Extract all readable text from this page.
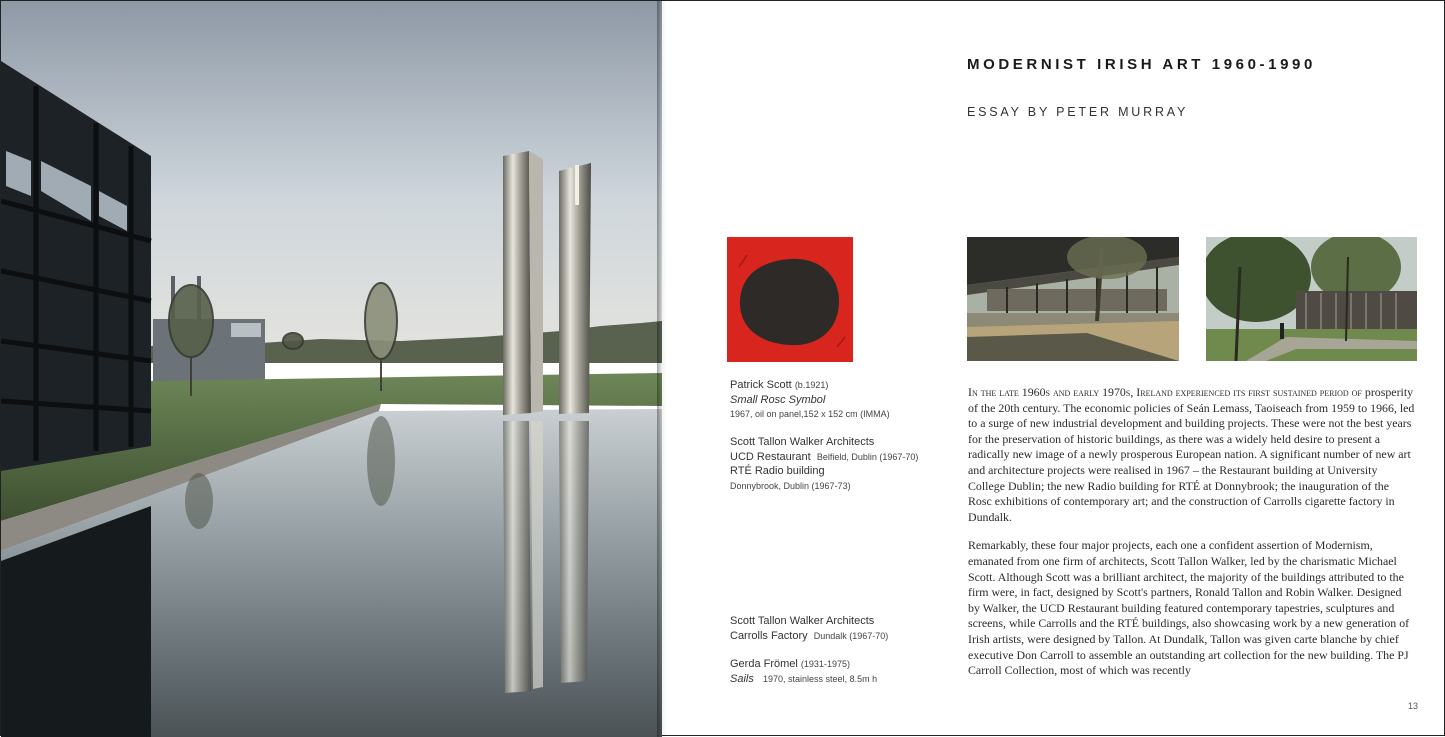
MODERNIST IRISH ART 1960-1990
ESSAY BY PETER MURRAY
Patrick Scott (b.1921)
Small Rosc Symbol
1967, oil on panel,152 x 152 cm (IMMA)
Scott Tallon Walker Architects
UCD Restaurant Belfield, Dublin (1967-70)
RTÉ Radio building
Donnybrook, Dublin (1967-73)
Scott Tallon Walker Architects
Carrolls Factory Dundalk (1967-70)
Gerda Frömel (1931-1975)
Sails 1970, stainless steel, 8.5m h

In the late 1960s and early 1970s, Ireland experienced its first sustained period of prosperity of the 20th century. The economic policies of Seán Lemass, Taoiseach from 1959 to 1966, led to a surge of new industrial development and building projects. These were not the best years for the preservation of historic buildings, as there was a widely held desire to present a radically new image of a newly prosperous European nation. A significant number of new art and architecture projects were realised in 1967 – the Restaurant building at University College Dublin; the new Radio building for RTÉ at Donnybrook; the inauguration of the Rosc exhibitions of contemporary art; and the construction of Carrolls cigarette factory in Dundalk.

Remarkably, these four major projects, each one a confident assertion of Modernism, emanated from one firm of architects, Scott Tallon Walker, led by the charismatic Michael Scott. Although Scott was a brilliant architect, the majority of the buildings attributed to the firm were, in fact, designed by Scott's partners, Ronald Tallon and Robin Walker. Designed by Walker, the UCD Restaurant building featured contemporary tapestries, sculptures and screens, while Carrolls and the RTÉ buildings, also showcasing work by a new generation of Irish artists, were designed by Tallon. At Dundalk, Tallon was given carte blanche by chief executive Don Carroll to assemble an outstanding art collection for the new building. The PJ Carroll Collection, most of which was recently

13
